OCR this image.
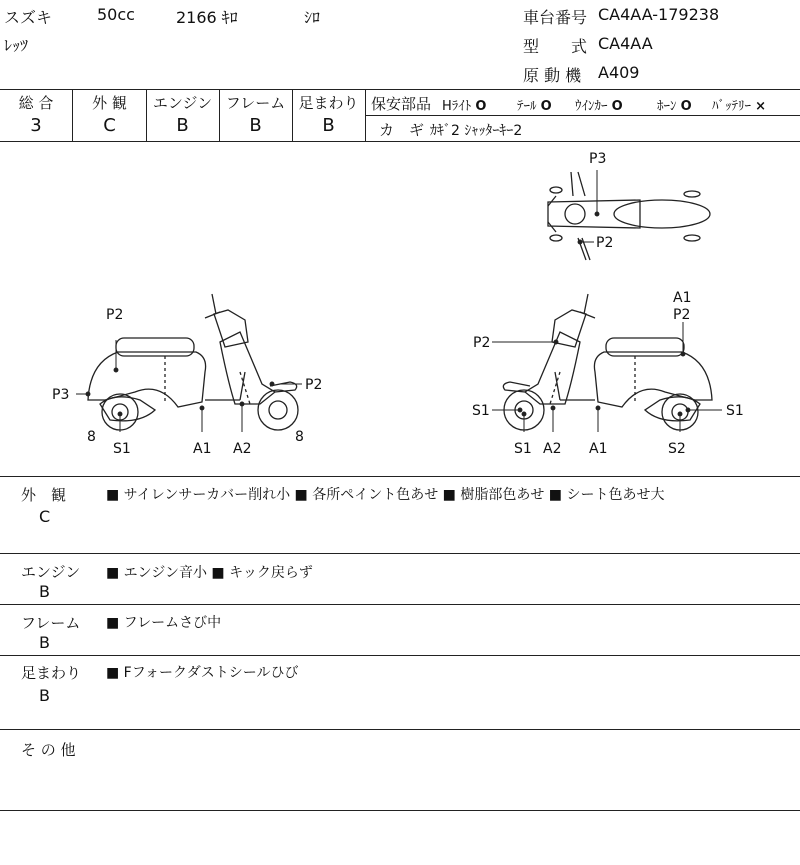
スズキ	50cc	2166 ｷﾛ	ｼﾛ
ﾚｯﾂ
車台番号 CA4AA-179238
型　　式 CA4AA
原 動 機 A409
総 合	外 観	エンジン フレーム 足まわり
3	C	B	B	B
保安部品 Hﾗｲﾄ O ﾃｰﾙ O ｳｲﾝｶｰ O	ﾎｰﾝ O ﾊﾞｯﾃﾘｰ ×
カ　ギ ｶｷﾞ2 ｼｬｯﾀｰｷｰ2
P3
P2
P2
P3
P2
8
S1	A1 A2
8
A1
P2
P2
S1	S1
S1 A2 A1	S2
外　観
C
■ サイレンサーカバー削れ小 ■ 各所ペイント色あせ ■ 樹脂部色あせ ■ シート色あせ大
エンジン
B
■ エンジン音小 ■ キック戻らず
フレーム
B
■ フレームさび中
足まわり
B
■ Fフォークダストシールひび
そ の 他
